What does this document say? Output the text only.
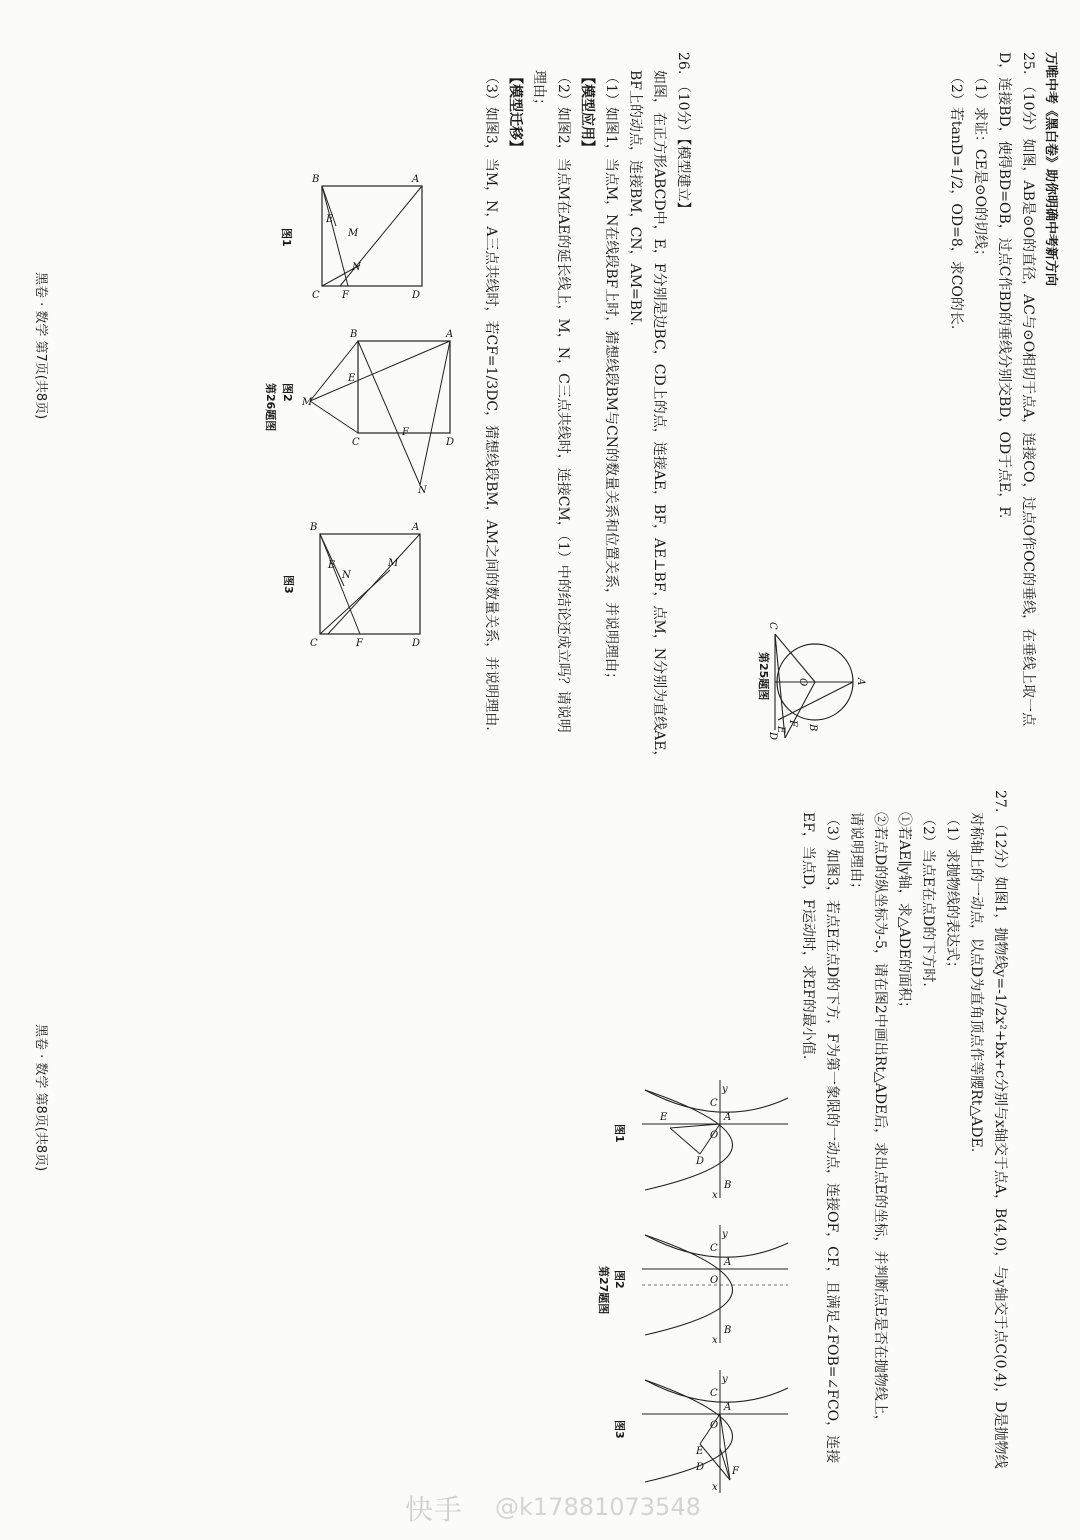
万唯中考《黑白卷》助你明确中考新方向
25. （10分）如图，AB是⊙O的直径，AC与⊙O相切于点A，连接CO，过点O作OC的垂线，在垂线上取一点
D，连接BD，使得BD=OB，过点C作BD的垂线分别交BD，OD于点E，F.
（1）求证：CE是⊙O的切线；
（2）若tanD=1/2，OD=8，求CO的长.
C
A
O
D
F
E B
第25题图
26. （10分）【模型建立】
如图，在正方形ABCD中，E，F分别是边BC，CD上的点，连接AE，BF，AE⊥BF，点M，N分别为直线AE，
BF上的动点，连接BM，CN，AM=BN.
（1）如图1，当点M，N在线段BF上时，猜想线段BM与CN的数量关系和位置关系，并说明理由；
【模型应用】
（2）如图2，当点M在AE的延长线上，M，N，C三点共线时，连接CM，（1）中的结论还成立吗？请说明
理由；
【模型迁移】
（3）如图3，当M，N，A三点共线时，若CF=1/3DC，猜想线段BM，AM之间的数量关系，并说明理由.
A
B
D
C
E
M
N
F
图1
A
B
D
C
E
M
F
N
图2
第26题图
A
B
D
C
M
E
N
F
图3
黑卷 · 数学 第7页(共8页)
27. （12分）如图1，抛物线y=-1/2x²+bx+c分别与x轴交于点A，B(4,0)，与y轴交于点C(0,4)，D是抛物线
对称轴上的一动点，以点D为直角顶点作等腰Rt△ADE.
（1）求抛物线的表达式；
（2）当点E在点D的下方时.
①若AE∥y轴，求△ADE的面积；
②若点D的纵坐标为-5，请在图2中画出Rt△ADE后，求出点E的坐标，并判断点E是否在抛物线上，
请说明理由；
（3）如图3，若点E在点D的下方，F为第一象限的一动点，连接OF，CF，且满足∠FOB=∠FCO，连接
EF，当点D，F运动时，求EF的最小值.
y
C
A
O
D
E
B
x
图1
y
C
A
O
B
x
图2
第27题图
y
C
A
O
E
F
D
x
图3
黑卷 · 数学 第8页(共8页)
快手 @k17881073548
